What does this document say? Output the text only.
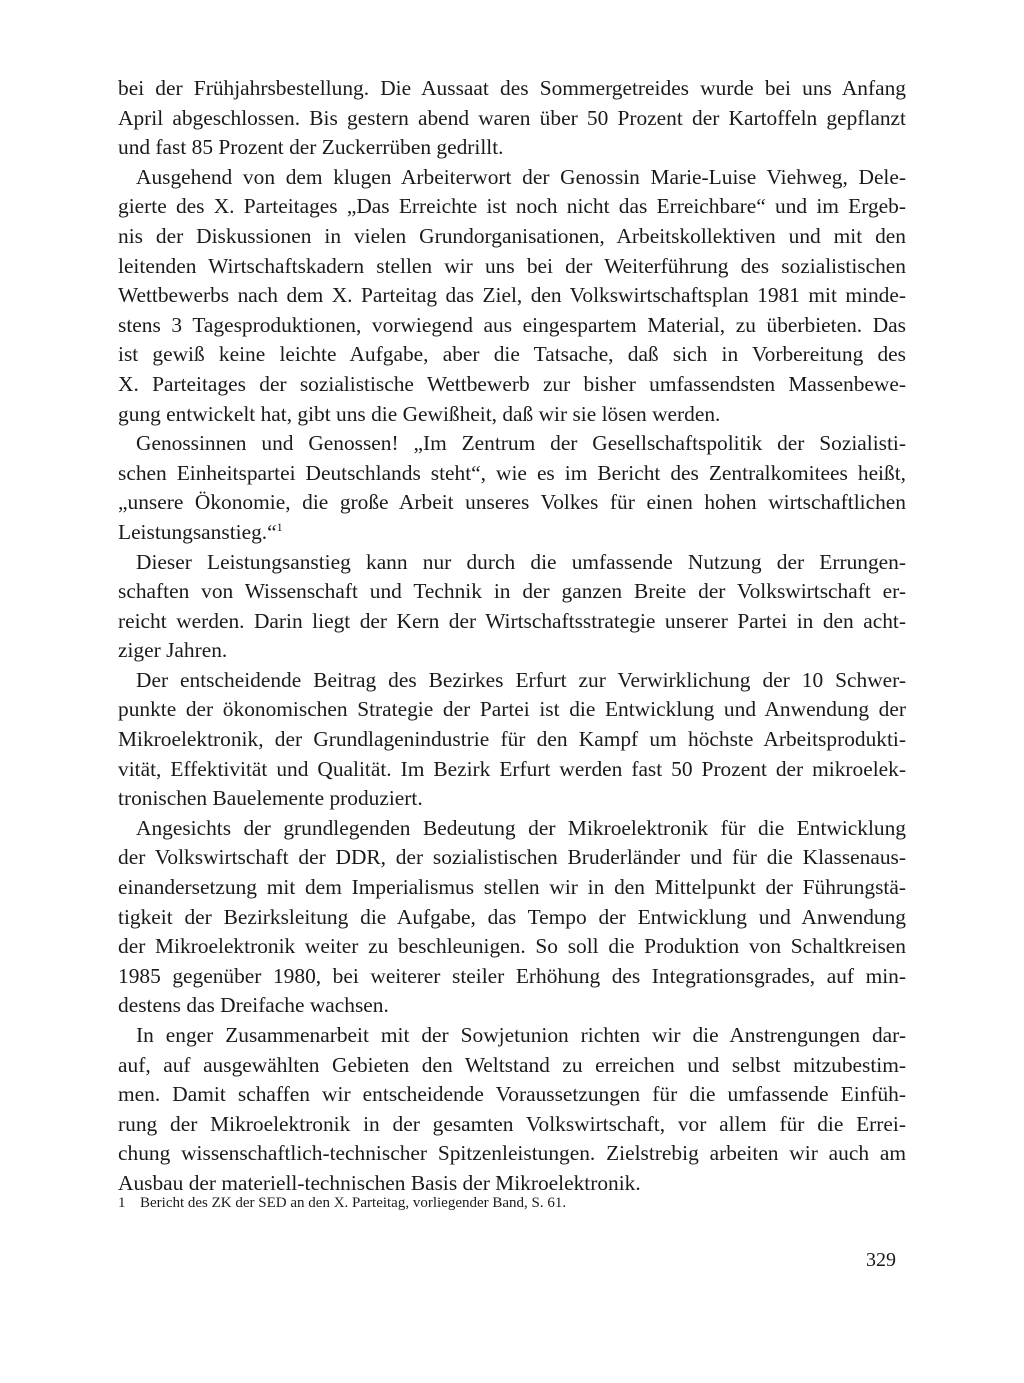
bei der Frühjahrsbestellung. Die Aussaat des Sommergetreides wurde bei uns Anfang
April abgeschlossen. Bis gestern abend waren über 50 Prozent der Kartoffeln gepflanzt
und fast 85 Prozent der Zuckerrüben gedrillt.
Ausgehend von dem klugen Arbeiterwort der Genossin Marie-Luise Viehweg, Dele-
gierte des X. Parteitages „Das Erreichte ist noch nicht das Erreichbare“ und im Ergeb-
nis der Diskussionen in vielen Grundorganisationen, Arbeitskollektiven und mit den
leitenden Wirtschaftskadern stellen wir uns bei der Weiterführung des sozialistischen
Wettbewerbs nach dem X. Parteitag das Ziel, den Volkswirtschaftsplan 1981 mit minde-
stens 3 Tagesproduktionen, vorwiegend aus eingespartem Material, zu überbieten. Das
ist gewiß keine leichte Aufgabe, aber die Tatsache, daß sich in Vorbereitung des
X. Parteitages der sozialistische Wettbewerb zur bisher umfassendsten Massenbewe-
gung entwickelt hat, gibt uns die Gewißheit, daß wir sie lösen werden.
Genossinnen und Genossen! „Im Zentrum der Gesellschaftspolitik der Sozialisti-
schen Einheitspartei Deutschlands steht“, wie es im Bericht des Zentralkomitees heißt,
„unsere Ökonomie, die große Arbeit unseres Volkes für einen hohen wirtschaftlichen
Leistungsanstieg.“$^1$
Dieser Leistungsanstieg kann nur durch die umfassende Nutzung der Errungen-
schaften von Wissenschaft und Technik in der ganzen Breite der Volkswirtschaft er-
reicht werden. Darin liegt der Kern der Wirtschaftsstrategie unserer Partei in den acht-
ziger Jahren.
Der entscheidende Beitrag des Bezirkes Erfurt zur Verwirklichung der 10 Schwer-
punkte der ökonomischen Strategie der Partei ist die Entwicklung und Anwendung der
Mikroelektronik, der Grundlagenindustrie für den Kampf um höchste Arbeitsprodukti-
vität, Effektivität und Qualität. Im Bezirk Erfurt werden fast 50 Prozent der mikroelek-
tronischen Bauelemente produziert.
Angesichts der grundlegenden Bedeutung der Mikroelektronik für die Entwicklung
der Volkswirtschaft der DDR, der sozialistischen Bruderländer und für die Klassenaus-
einandersetzung mit dem Imperialismus stellen wir in den Mittelpunkt der Führungstä-
tigkeit der Bezirksleitung die Aufgabe, das Tempo der Entwicklung und Anwendung
der Mikroelektronik weiter zu beschleunigen. So soll die Produktion von Schaltkreisen
1985 gegenüber 1980, bei weiterer steiler Erhöhung des Integrationsgrades, auf min-
destens das Dreifache wachsen.
In enger Zusammenarbeit mit der Sowjetunion richten wir die Anstrengungen dar-
auf, auf ausgewählten Gebieten den Weltstand zu erreichen und selbst mitzubestim-
men. Damit schaffen wir entscheidende Voraussetzungen für die umfassende Einfüh-
rung der Mikroelektronik in der gesamten Volkswirtschaft, vor allem für die Errei-
chung wissenschaftlich-technischer Spitzenleistungen. Zielstrebig arbeiten wir auch am
Ausbau der materiell-technischen Basis der Mikroelektronik.
1 Bericht des ZK der SED an den X. Parteitag, vorliegender Band, S. 61.
329
